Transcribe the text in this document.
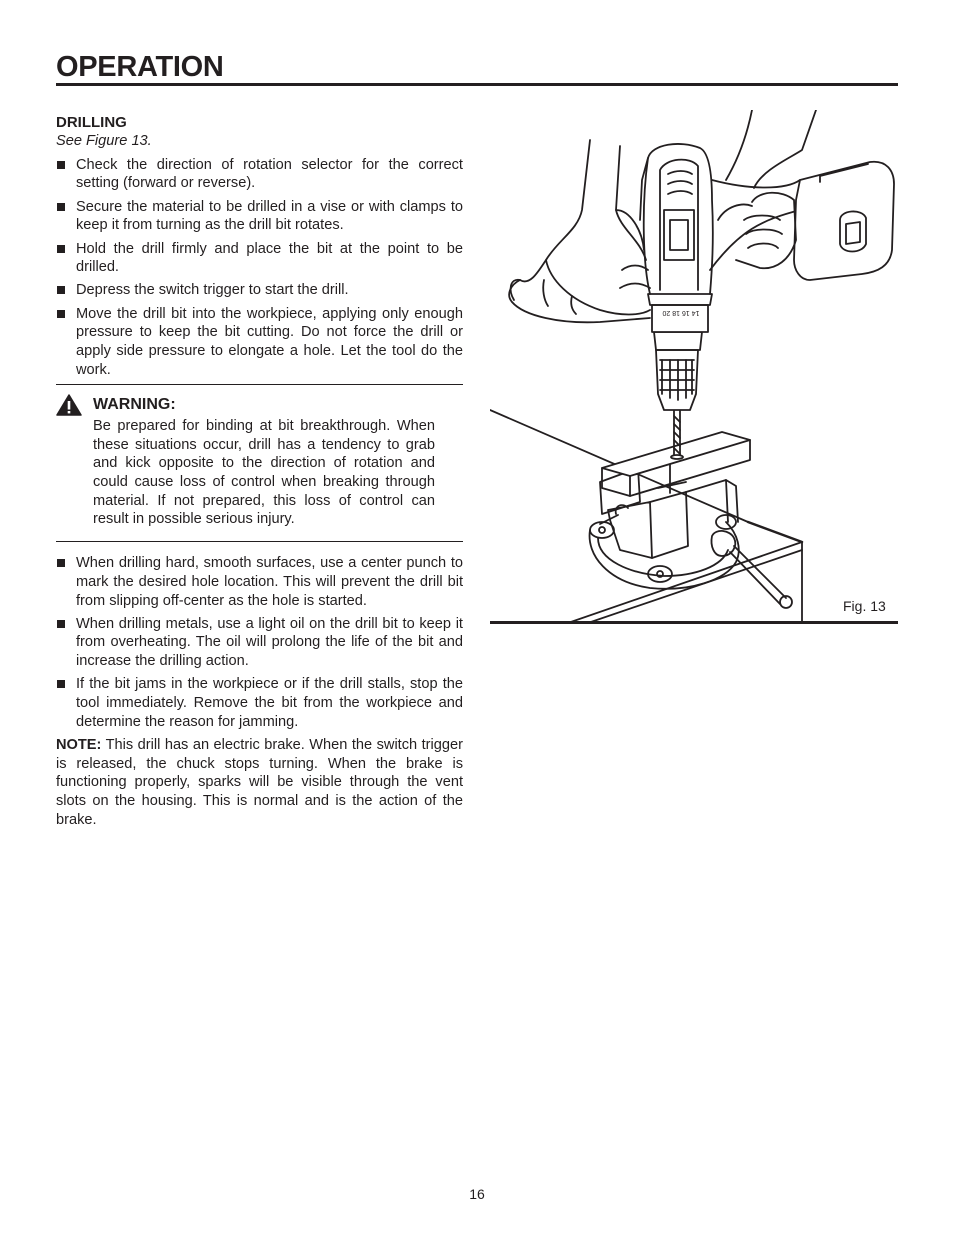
OPERATION

DRILLING

See Figure 13.

Check the direction of rotation selector for the correct setting (forward or reverse).
Secure the material to be drilled in a vise or with clamps to keep it from turning as the drill bit rotates.
Hold the drill firmly and place the bit at the point to be drilled.
Depress the switch trigger to start the drill.
Move the drill bit into the workpiece, applying only enough pressure to keep the bit cutting. Do not force the drill or apply side pressure to elongate a hole. Let the tool do the work.
WARNING:

Be prepared for binding at bit breakthrough. When these situations occur, drill has a tendency to grab and kick opposite to the direction of rotation and could cause loss of control when breaking through material. If not prepared, this loss of control can result in possible serious injury.

When drilling hard, smooth surfaces, use a center punch to mark the desired hole location. This will prevent the drill bit from slipping off-center as the hole is started.
When drilling metals, use a light oil on the drill bit to keep it from overheating. The oil will prolong the life of the bit and increase the drilling action.
If the bit jams in the workpiece or if the drill stalls, stop the tool immediately. Remove the bit from the workpiece and determine the reason for jamming.

NOTE: This drill has an electric brake. When the switch trigger is released, the chuck stops turning. When the brake is functioning properly, sparks will be visible through the vent slots on the housing. This is normal and is the action of the brake.

14 16 18 20
Fig. 13
16
